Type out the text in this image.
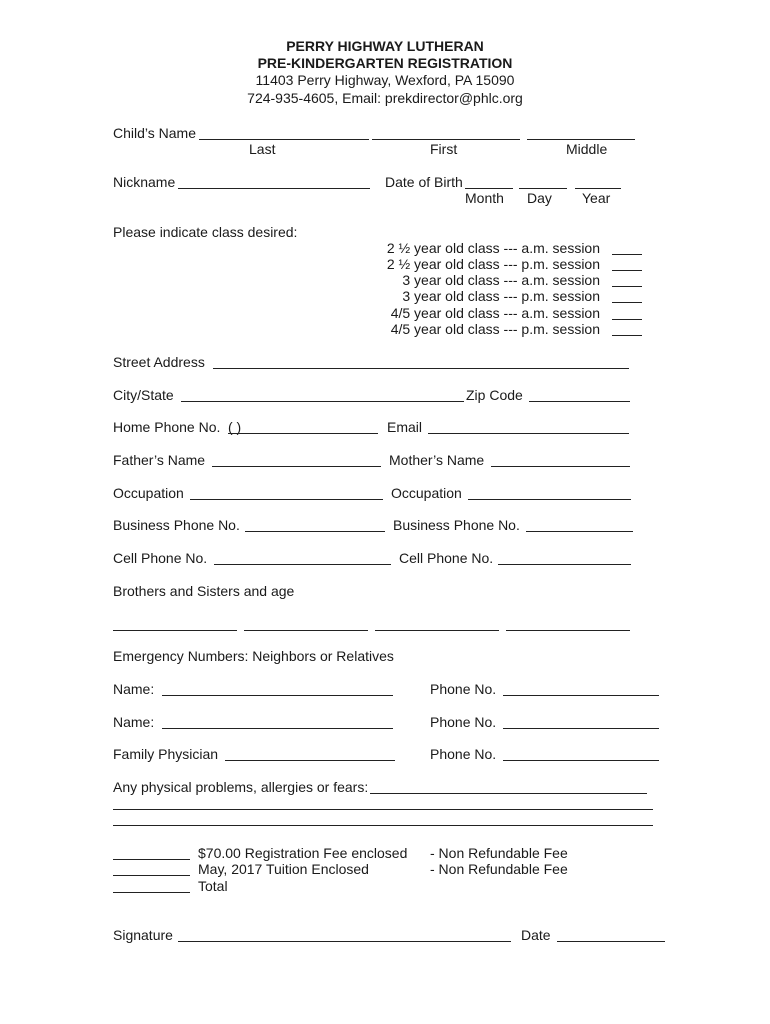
PERRY HIGHWAY LUTHERAN
PRE-KINDERGARTEN REGISTRATION
11403 Perry Highway, Wexford, PA 15090
724-935-4605, Email: prekdirector@phlc.org
Child’s Name
Last	First	Middle
Nickname	Date of Birth
Month Day Year
Please indicate class desired:
2 ½ year old class --- a.m. session
2 ½ year old class --- p.m. session
3 year old class --- a.m. session
3 year old class --- p.m. session
4/5 year old class --- a.m. session
4/5 year old class --- p.m. session
Street Address
City/State	Zip Code
Home Phone No. ( )	Email
Father’s Name	Mother’s Name
Occupation	Occupation
Business Phone No.	Business Phone No.
Cell Phone No.	Cell Phone No.
Brothers and Sisters and age
Emergency Numbers: Neighbors or Relatives
Name:	Phone No.
Name:	Phone No.
Family Physician	Phone No.
Any physical problems, allergies or fears:
$70.00 Registration Fee enclosed - Non Refundable Fee
May, 2017 Tuition Enclosed	- Non Refundable Fee
Total
Signature	Date
